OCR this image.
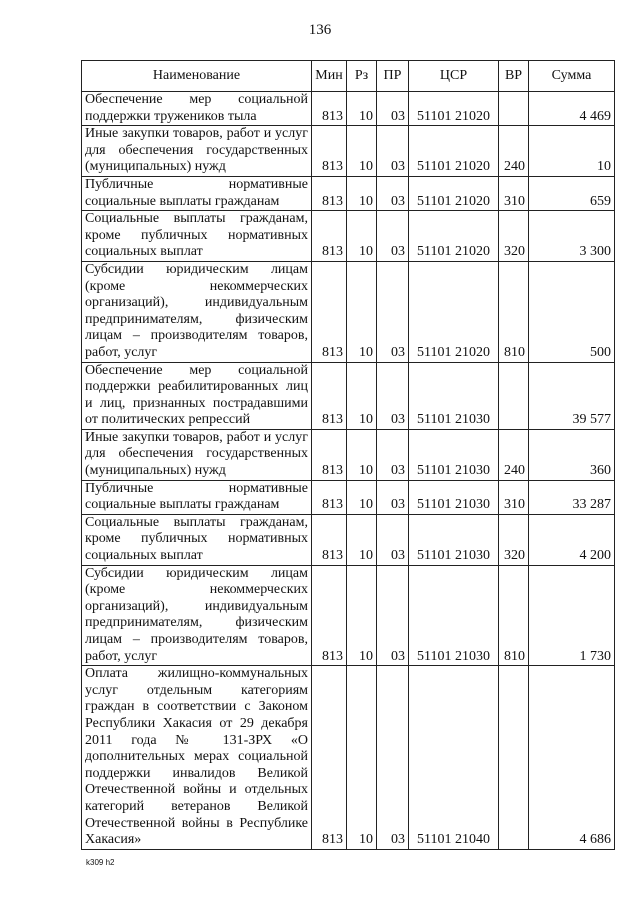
136
Наименование	Мин	Рз	ПР	ЦСР	ВР	Сумма
Обеспечение мер социальной поддержки тружеников тыла	813	10	03	51101 21020		4 469
Иные закупки товаров, работ и услуг для обеспечения государственных (муниципальных) нужд	813	10	03	51101 21020	240	10
Публичные нормативные социальные выплаты гражданам	813	10	03	51101 21020	310	659
Социальные выплаты гражданам, кроме публичных нормативных социальных выплат	813	10	03	51101 21020	320	3 300
Субсидии юридическим лицам (кроме некоммерческих организаций), индивидуальным предпринимателям, физическим лицам – производителям товаров, работ, услуг	813	10	03	51101 21020	810	500
Обеспечение мер социальной поддержки реабилитированных лиц и лиц, признанных пострадавшими от политических репрессий	813	10	03	51101 21030		39 577
Иные закупки товаров, работ и услуг для обеспечения государственных (муниципальных) нужд	813	10	03	51101 21030	240	360
Публичные нормативные социальные выплаты гражданам	813	10	03	51101 21030	310	33 287
Социальные выплаты гражданам, кроме публичных нормативных социальных выплат	813	10	03	51101 21030	320	4 200
Субсидии юридическим лицам (кроме некоммерческих организаций), индивидуальным предпринимателям, физическим лицам – производителям товаров, работ, услуг	813	10	03	51101 21030	810	1 730
Оплата жилищно-коммунальных услуг отдельным категориям граждан в соответствии с Законом Республики Хакасия от 29 декабря 2011 года № 131-ЗРХ «О дополнительных мерах социальной поддержки инвалидов Великой Отечественной войны и отдельных категорий ветеранов Великой Отечественной войны в Республике Хакасия»	813	10	03	51101 21040		4 686
k309 h2
